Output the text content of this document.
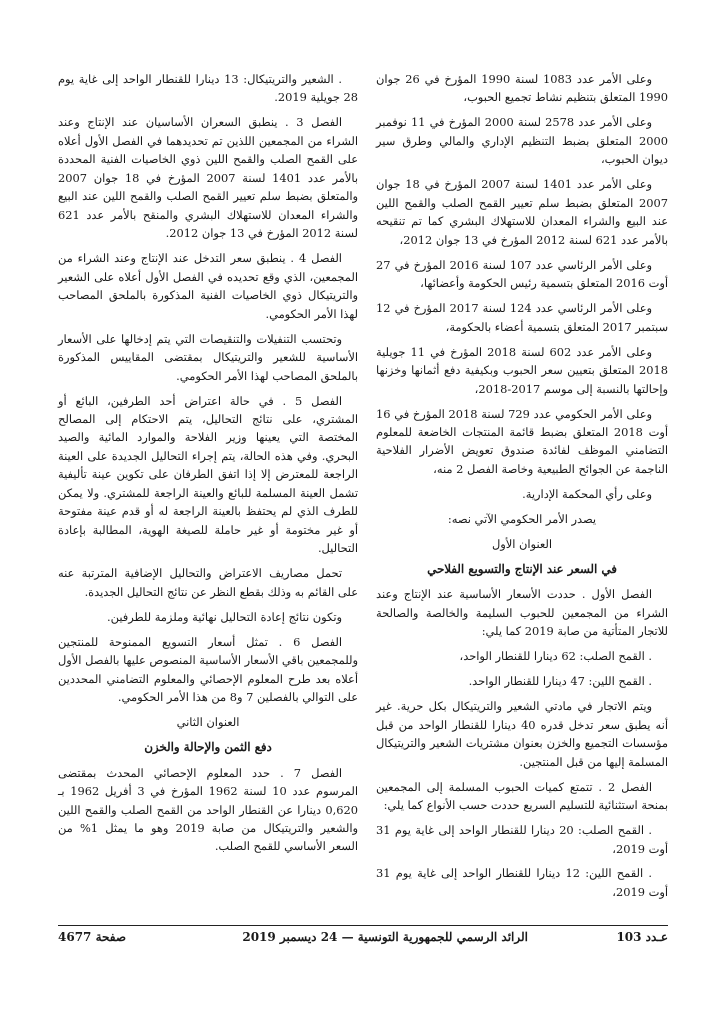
وعلى الأمر عدد 1083 لسنة 1990 المؤرخ في 26 جوان 1990 المتعلق بتنظيم نشاط تجميع الحبوب،

وعلى الأمر عدد 2578 لسنة 2000 المؤرخ في 11 نوفمبر 2000 المتعلق بضبط التنظيم الإداري والمالي وطرق سير ديوان الحبوب،

وعلى الأمر عدد 1401 لسنة 2007 المؤرخ في 18 جوان 2007 المتعلق بضبط سلم تعيير القمح الصلب والقمح اللين عند البيع والشراء المعدان للاستهلاك البشري كما تم تنقيحه بالأمر عدد 621 لسنة 2012 المؤرخ في 13 جوان 2012،

وعلى الأمر الرئاسي عدد 107 لسنة 2016 المؤرخ في 27 أوت 2016 المتعلق بتسمية رئيس الحكومة وأعضائها،

وعلى الأمر الرئاسي عدد 124 لسنة 2017 المؤرخ في 12 سبتمبر 2017 المتعلق بتسمية أعضاء بالحكومة،

وعلى الأمر عدد 602 لسنة 2018 المؤرخ في 11 جويلية 2018 المتعلق بتعيين سعر الحبوب وبكيفية دفع أثمانها وخزنها وإحالتها بالنسبة إلى موسم 2017-2018،

وعلى الأمر الحكومي عدد 729 لسنة 2018 المؤرخ في 16 أوت 2018 المتعلق بضبط قائمة المنتجات الخاضعة للمعلوم التضامني الموظف لفائدة صندوق تعويض الأضرار الفلاحية الناجمة عن الجوائح الطبيعية وخاصة الفصل 2 منه،

وعلى رأي المحكمة الإدارية.

يصدر الأمر الحكومي الآتي نصه:

العنوان الأول

في السعر عند الإنتاج والتسويع الفلاحي

الفصل الأول . حددت الأسعار الأساسية عند الإنتاج وعند الشراء من المجمعين للحبوب السليمة والخالصة والصالحة للاتجار المتأتية من صابة 2019 كما يلي:

. القمح الصلب: 62 دينارا للقنطار الواحد،

. القمح اللين: 47 دينارا للقنطار الواحد.

ويتم الاتجار في مادتي الشعير والتريتيكال بكل حرية. غير أنه يطبق سعر تدخل قدره 40 دينارا للقنطار الواحد من قبل مؤسسات التجميع والخزن بعنوان مشتريات الشعير والتريتيكال المسلمة إليها من قبل المنتجين.

الفصل 2 . تتمتع كميات الحبوب المسلمة إلى المجمعين بمنحة استثنائية للتسليم السريع حددت حسب الأنواع كما يلي:

. القمح الصلب: 20 دينارا للقنطار الواحد إلى غاية يوم 31 أوت 2019،

. القمح اللين: 12 دينارا للقنطار الواحد إلى غاية يوم 31 أوت 2019،

. الشعير والتريتيكال: 13 دينارا للقنطار الواحد إلى غاية يوم 28 جويلية 2019.

الفصل 3 . ينطبق السعران الأساسيان عند الإنتاج وعند الشراء من المجمعين اللذين تم تحديدهما في الفصل الأول أعلاه على القمح الصلب والقمح اللين ذوي الخاصيات الفنية المحددة بالأمر عدد 1401 لسنة 2007 المؤرخ في 18 جوان 2007 والمتعلق بضبط سلم تعيير القمح الصلب والقمح اللين عند البيع والشراء المعدان للاستهلاك البشري والمنقح بالأمر عدد 621 لسنة 2012 المؤرخ في 13 جوان 2012.

الفصل 4 . ينطبق سعر التدخل عند الإنتاج وعند الشراء من المجمعين، الذي وقع تحديده في الفصل الأول أعلاه على الشعير والتريتيكال ذوي الخاصيات الفنية المذكورة بالملحق المصاحب لهذا الأمر الحكومي.

وتحتسب التنفيلات والتنقيصات التي يتم إدخالها على الأسعار الأساسية للشعير والتريتيكال بمقتضى المقاييس المذكورة بالملحق المصاحب لهذا الأمر الحكومي.

الفصل 5 . في حالة اعتراض أحد الطرفين، البائع أو المشتري، على نتائج التحاليل، يتم الاحتكام إلى المصالح المختصة التي يعينها وزير الفلاحة والموارد المائية والصيد البحري. وفي هذه الحالة، يتم إجراء التحاليل الجديدة على العينة الراجعة للمعترض إلا إذا اتفق الطرفان على تكوين عينة تأليفية تشمل العينة المسلمة للبائع والعينة الراجعة للمشتري. ولا يمكن للطرف الذي لم يحتفظ بالعينة الراجعة له أو قدم عينة مفتوحة أو غير مختومة أو غير حاملة للصيغة الهوية، المطالبة بإعادة التحاليل.

تحمل مصاريف الاعتراض والتحاليل الإضافية المترتبة عنه على القائم به وذلك بقطع النظر عن نتائج التحاليل الجديدة.

وتكون نتائج إعادة التحاليل نهائية وملزمة للطرفين.

الفصل 6 . تمثل أسعار التسويع الممنوحة للمنتجين وللمجمعين باقي الأسعار الأساسية المنصوص عليها بالفصل الأول أعلاه بعد طرح المعلوم الإحصائي والمعلوم التضامني المحددين على التوالي بالفصلين 7 و8 من هذا الأمر الحكومي.

العنوان الثاني

دفع الثمن والإحالة والخزن

الفصل 7 . حدد المعلوم الإحصائي المحدث بمقتضى المرسوم عدد 10 لسنة 1962 المؤرخ في 3 أفريل 1962 بـ 0,620 دينارا عن القنطار الواحد من القمح الصلب والقمح اللين والشعير والتريتيكال من صابة 2019 وهو ما يمثل 1% من السعر الأساسي للقمح الصلب.

عـدد 103
الرائد الرسمي للجمهورية التونسية — 24 ديسمبر 2019
صفحة 4677
